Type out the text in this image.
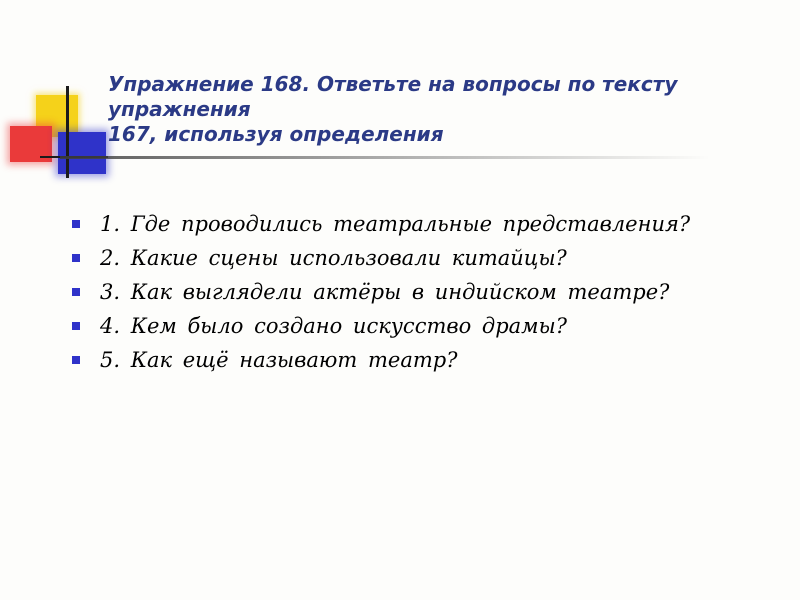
Упражнение 168. Ответьте на вопросы по тексту
упражнения
167, используя определения
1. Где проводились театральные представления?
2. Какие сцены использовали китайцы?
3. Как выглядели актёры в индийском театре?
4. Кем было создано искусство драмы?
5. Как ещё называют театр?
